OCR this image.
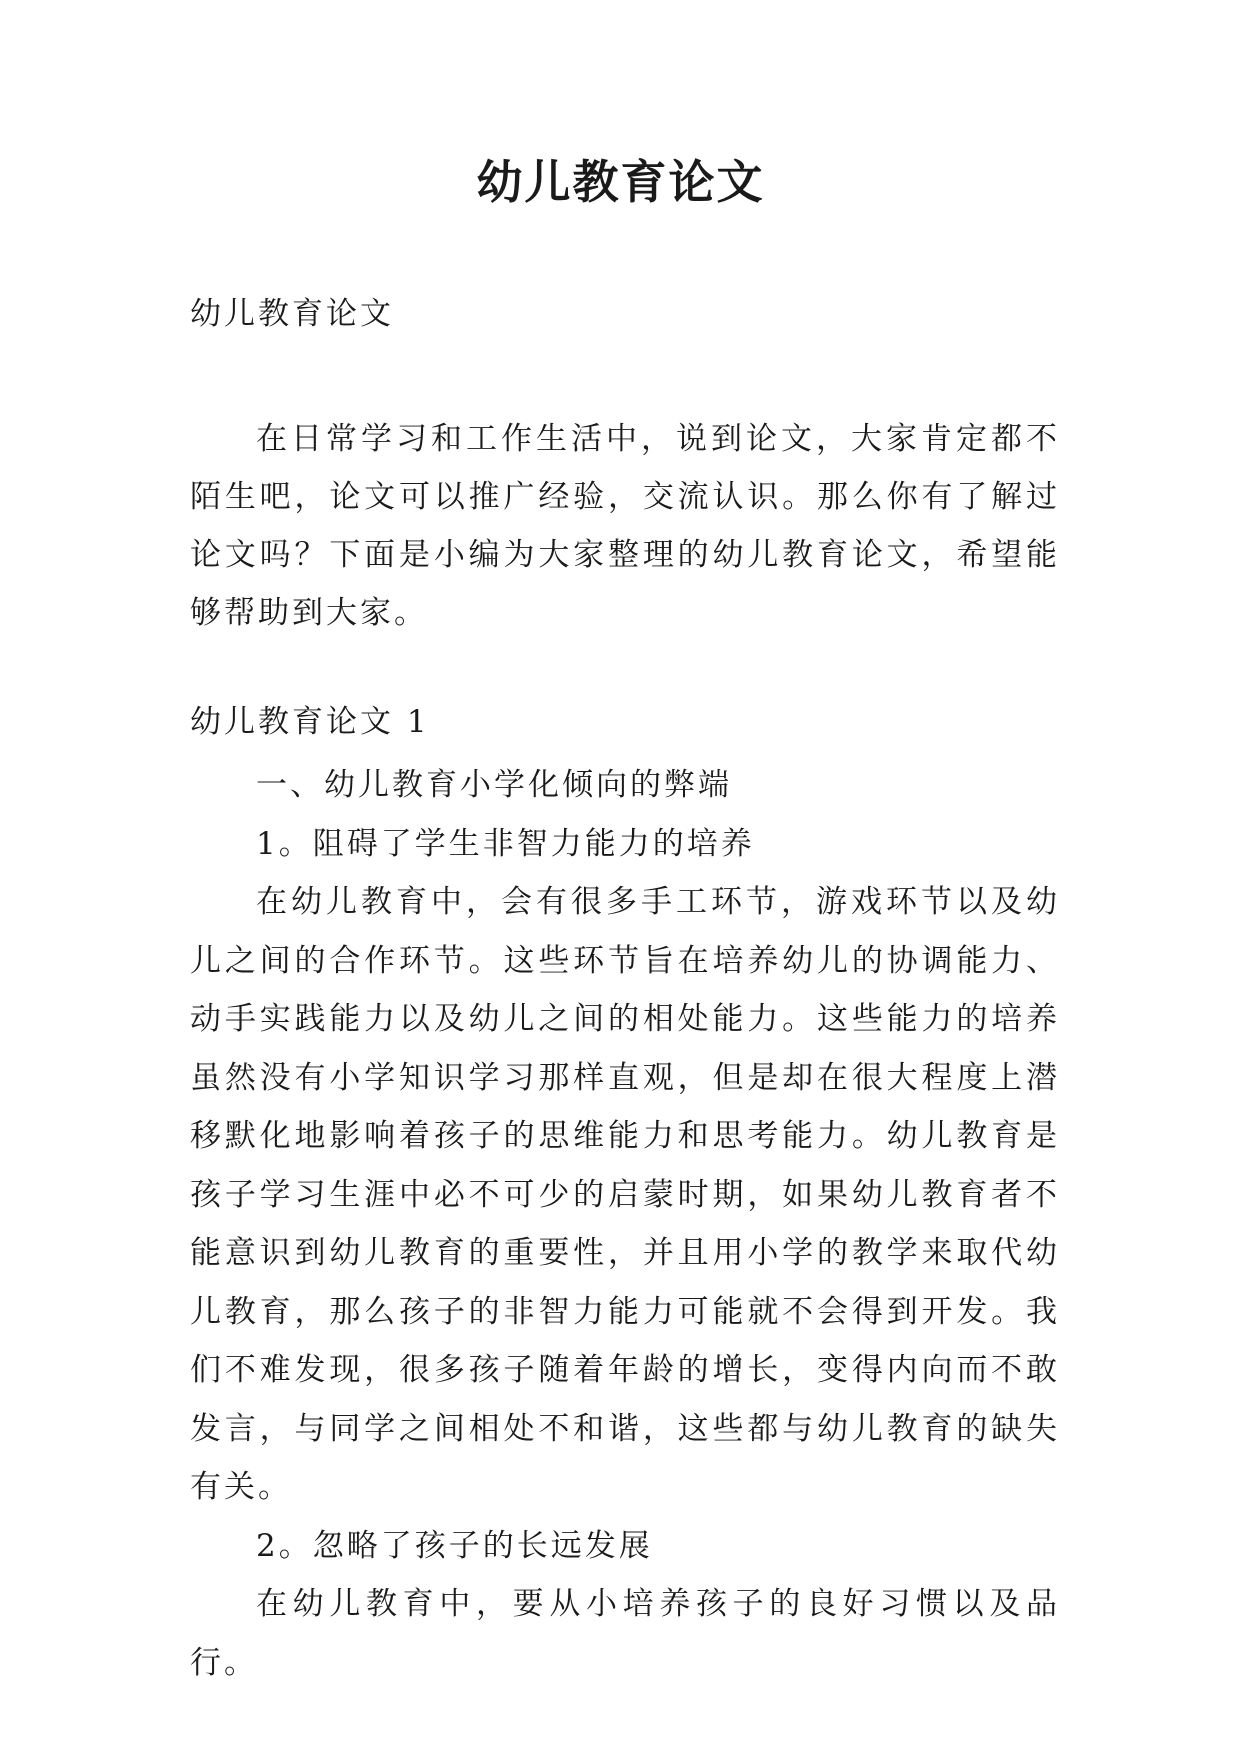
幼儿教育论文
幼儿教育论文
在日常学习和工作生活中，说到论文，大家肯定都不陌生吧，论文可以推广经验，交流认识。那么你有了解过论文吗？下面是小编为大家整理的幼儿教育论文，希望能够帮助到大家。
幼儿教育论文 1

一、幼儿教育小学化倾向的弊端

1。阻碍了学生非智力能力的培养

在幼儿教育中，会有很多手工环节，游戏环节以及幼儿之间的合作环节。这些环节旨在培养幼儿的协调能力、动手实践能力以及幼儿之间的相处能力。这些能力的培养虽然没有小学知识学习那样直观，但是却在很大程度上潜移默化地影响着孩子的思维能力和思考能力。幼儿教育是孩子学习生涯中必不可少的启蒙时期，如果幼儿教育者不能意识到幼儿教育的重要性，并且用小学的教学来取代幼儿教育，那么孩子的非智力能力可能就不会得到开发。我们不难发现，很多孩子随着年龄的增长，变得内向而不敢发言，与同学之间相处不和谐，这些都与幼儿教育的缺失有关。

2。忽略了孩子的长远发展

在幼儿教育中，要从小培养孩子的良好习惯以及品行。
